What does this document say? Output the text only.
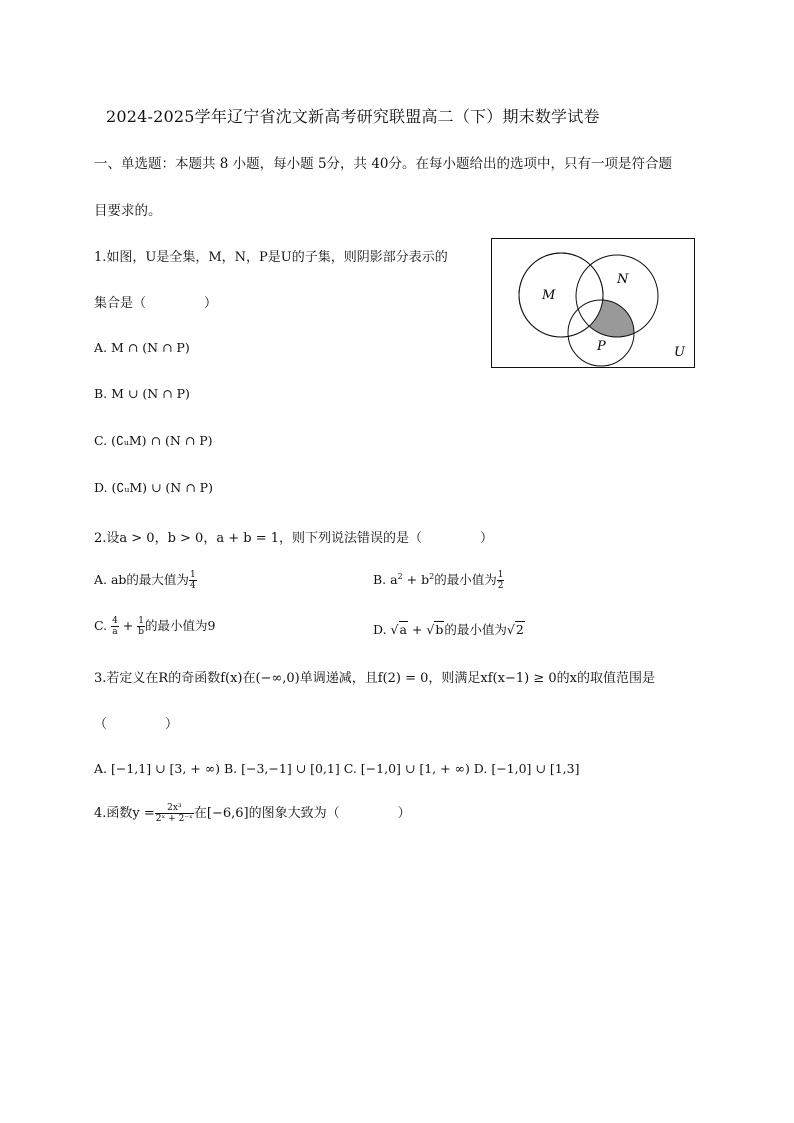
2024-2025学年辽宁省沈文新高考研究联盟高二（下）期末数学试卷
一、单选题：本题共 8 小题，每小题 5分，共 40分。在每小题给出的选项中，只有一项是符合题
目要求的。
1.如图，U是全集，M，N，P是U的子集，则阴影部分表示的
集合是（	）
A. M ∩ (N ∩ P)
B. M ∪ (N ∩ P)
C. (∁ᵤM) ∩ (N ∩ P)
D. (∁ᵤM) ∪ (N ∩ P)
M
N
P	U
2.设a > 0，b > 0，a + b = 1，则下列说法错误的是（	）
A. ab的最大值为 $\frac{1}{4}$	B. $a^2 + b^2$的最小值为 $\frac{1}{2}$
C. $\frac{4}{a} + \frac{1}{b}$ 的最小值为9	D. √a + √b的最小值为√2
3.若定义在R的奇函数f(x)在(−∞,0)单调递减，且f(2) = 0，则满足xf(x−1) ≥ 0的x的取值范围是
（	）
A. [−1,1] ∪ [3, + ∞) B. [−3,−1] ∪ [0,1] C. [−1,0] ∪ [1, + ∞) D. [−1,0] ∪ [1,3]
4.函数$y = \frac{\text{2x³}}{\text{2ˣ + 2⁻ˣ}}$ 在[−6,6]的图象大致为（	）
